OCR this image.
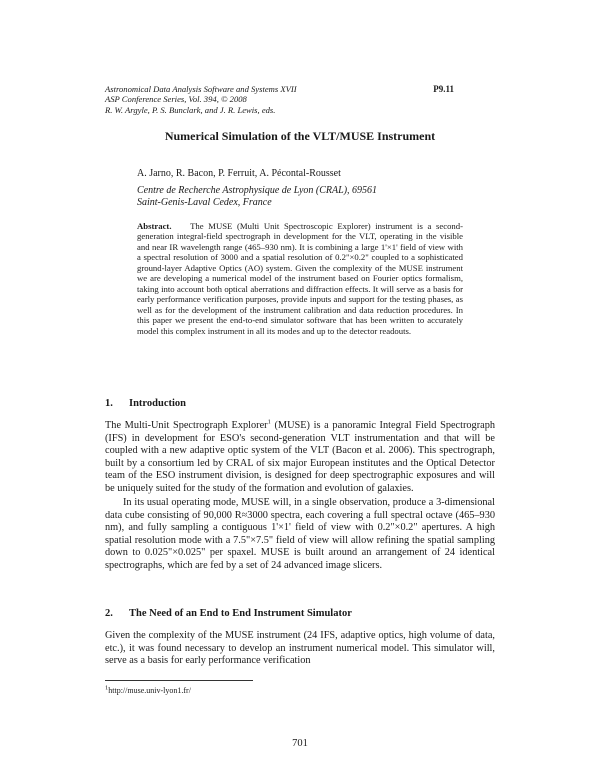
Astronomical Data Analysis Software and Systems XVII
ASP Conference Series, Vol. 394, © 2008
R. W. Argyle, P. S. Bunclark, and J. R. Lewis, eds.
P9.11
Numerical Simulation of the VLT/MUSE Instrument
A. Jarno, R. Bacon, P. Ferruit, A. Pécontal-Rousset
Centre de Recherche Astrophysique de Lyon (CRAL), 69561
Saint-Genis-Laval Cedex, France
Abstract. The MUSE (Multi Unit Spectroscopic Explorer) instrument is a second-generation integral-field spectrograph in development for the VLT, operating in the visible and near IR wavelength range (465–930 nm). It is combining a large 1'×1' field of view with a spectral resolution of 3000 and a spatial resolution of 0.2"×0.2" coupled to a sophisticated ground-layer Adaptive Optics (AO) system. Given the complexity of the MUSE instrument we are developing a numerical model of the instrument based on Fourier optics formalism, taking into account both optical aberrations and diffraction effects. It will serve as a basis for early performance verification purposes, provide inputs and support for the testing phases, as well as for the development of the instrument calibration and data reduction procedures. In this paper we present the end-to-end simulator software that has been written to accurately model this complex instrument in all its modes and up to the detector readouts.
1. Introduction
The Multi-Unit Spectrograph Explorer$^1$ (MUSE) is a panoramic Integral Field Spectrograph (IFS) in development for ESO's second-generation VLT instrumentation and that will be coupled with a new adaptive optic system of the VLT (Bacon et al. 2006). This spectrograph, built by a consortium led by CRAL of six major European institutes and the Optical Detector team of the ESO instrument division, is designed for deep spectrographic exposures and will be uniquely suited for the study of the formation and evolution of galaxies.
In its usual operating mode, MUSE will, in a single observation, produce a 3-dimensional data cube consisting of 90,000 R≈3000 spectra, each covering a full spectral octave (465–930 nm), and fully sampling a contiguous 1'×1' field of view with 0.2"×0.2" apertures. A high spatial resolution mode with a 7.5"×7.5" field of view will allow refining the spatial sampling down to 0.025"×0.025" per spaxel. MUSE is built around an arrangement of 24 identical spectrographs, which are fed by a set of 24 advanced image slicers.
2. The Need of an End to End Instrument Simulator
Given the complexity of the MUSE instrument (24 IFS, adaptive optics, high volume of data, etc.), it was found necessary to develop an instrument numerical model. This simulator will, serve as a basis for early performance verification
$^1$http://muse.univ-lyon1.fr/
701
